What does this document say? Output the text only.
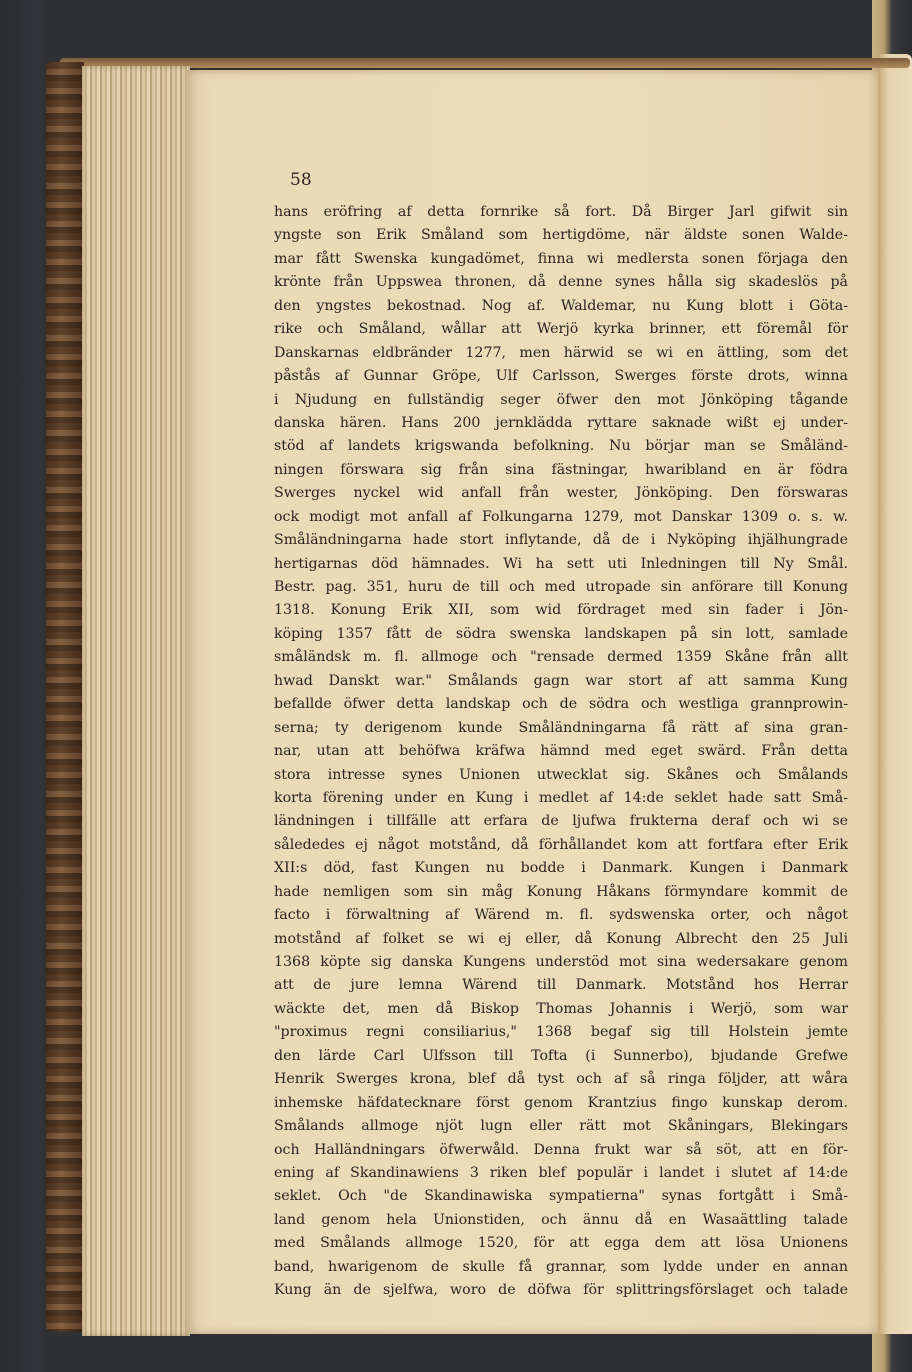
58
hans eröfring af detta fornrike så fort. Då Birger Jarl gifwit sin
yngste son Erik Småland som hertigdöme, när äldste sonen Walde-
mar fått Swenska kungadömet, finna wi medlersta sonen förjaga den
krönte från Uppswea thronen, då denne synes hålla sig skadeslös på
den yngstes bekostnad. Nog af. Waldemar, nu Kung blott i Göta-
rike och Småland, wållar att Werjö kyrka brinner, ett föremål för
Danskarnas eldbränder 1277, men härwid se wi en ättling, som det
påstås af Gunnar Gröpe, Ulf Carlsson, Swerges förste drots, winna
i Njudung en fullständig seger öfwer den mot Jönköping tågande
danska hären. Hans 200 jernklädda ryttare saknade wißt ej under-
stöd af landets krigswanda befolkning. Nu börjar man se Småländ-
ningen förswara sig från sina fästningar, hwaribland en är födra
Swerges nyckel wid anfall från wester, Jönköping. Den förswaras
ock modigt mot anfall af Folkungarna 1279, mot Danskar 1309 o. s. w.
Småländningarna hade stort inflytande, då de i Nyköping ihjälhungrade
hertigarnas död hämnades. Wi ha sett uti Inledningen till Ny Smål.
Bestr. pag. 351, huru de till och med utropade sin anförare till Konung
1318. Konung Erik XII, som wid fördraget med sin fader i Jön-
köping 1357 fått de södra swenska landskapen på sin lott, samlade
småländsk m. fl. allmoge och "rensade dermed 1359 Skåne från allt
hwad Danskt war." Smålands gagn war stort af att samma Kung
befallde öfwer detta landskap och de södra och westliga grannprowin-
serna; ty derigenom kunde Småländningarna få rätt af sina gran-
nar, utan att behöfwa kräfwa hämnd med eget swärd. Från detta
stora intresse synes Unionen utwecklat sig. Skånes och Smålands
korta förening under en Kung i medlet af 14:de seklet hade satt Små-
ländningen i tillfälle att erfara de ljufwa frukterna deraf och wi se
sålededes ej något motstånd, då förhållandet kom att fortfara efter Erik
XII:s död, fast Kungen nu bodde i Danmark. Kungen i Danmark
hade nemligen som sin måg Konung Håkans förmyndare kommit de
facto i förwaltning af Wärend m. fl. sydswenska orter, och något
motstånd af folket se wi ej eller, då Konung Albrecht den 25 Juli
1368 köpte sig danska Kungens understöd mot sina wedersakare genom
att de jure lemna Wärend till Danmark. Motstånd hos Herrar
wäckte det, men då Biskop Thomas Johannis i Werjö, som war
"proximus regni consiliarius," 1368 begaf sig till Holstein jemte
den lärde Carl Ulfsson till Tofta (i Sunnerbo), bjudande Grefwe
Henrik Swerges krona, blef då tyst och af så ringa följder, att wåra
inhemske häfdatecknare först genom Krantzius fingo kunskap derom.
Smålands allmoge njöt lugn eller rätt mot Skåningars, Blekingars
och Halländningars öfwerwåld. Denna frukt war så söt, att en för-
ening af Skandinawiens 3 riken blef populär i landet i slutet af 14:de
seklet. Och "de Skandinawiska sympatierna" synas fortgått i Små-
land genom hela Unionstiden, och ännu då en Wasaättling talade
med Smålands allmoge 1520, för att egga dem att lösa Unionens
band, hwarigenom de skulle få grannar, som lydde under en annan
Kung än de sjelfwa, woro de döfwa för splittringsförslaget och talade
